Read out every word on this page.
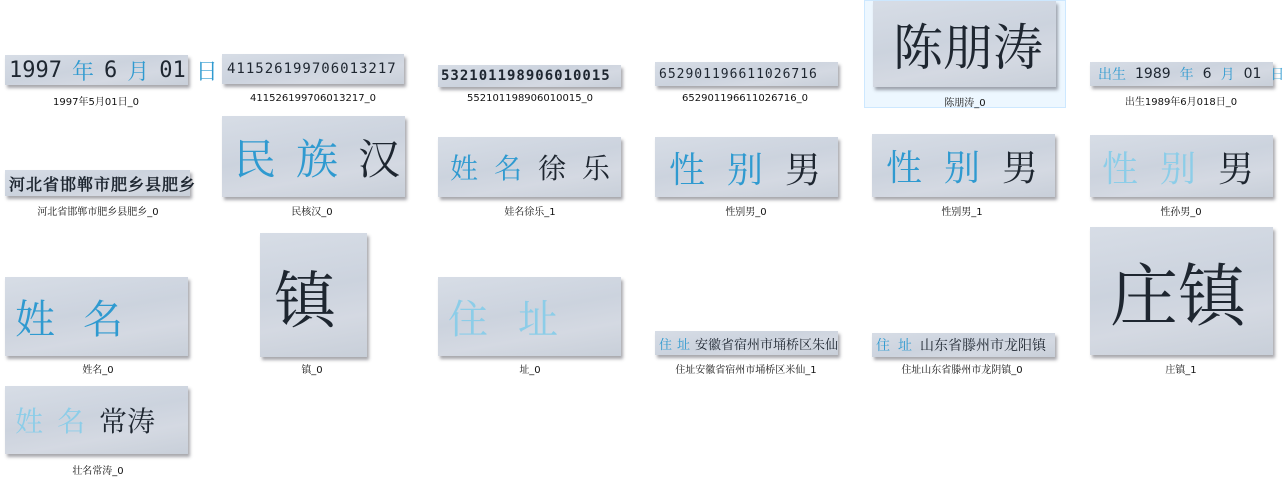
1997 年 6 月 01 日
1997年5月01日_0
411526199706013217
411526199706013217_0
532101198906010015
552101198906010015_0
652901196611026716
652901196611026716_0
陈朋涛
陈朋涛_0
出生 1989 年 6 月 01 日
出生1989年6月018日_0
河北省邯郸市肥乡县肥乡
河北省邯郸市肥乡县肥乡_0
民 族 汉
民核汉_0
姓 名 徐 乐
娃名徐乐_1
性 别 男
性别男_0
性 别 男
性别男_1
性 别 男
性孙男_0
姓 名
姓名_0
镇
镇_0
住 址
址_0
住 址 安徽省宿州市埇桥区朱仙
住址安徽省宿州市埇桥区米仙_1
住 址 山东省滕州市龙阳镇
住址山东省滕州市龙阴镇_0
庄镇
庄镇_1
姓 名 常涛
壮名常涛_0
